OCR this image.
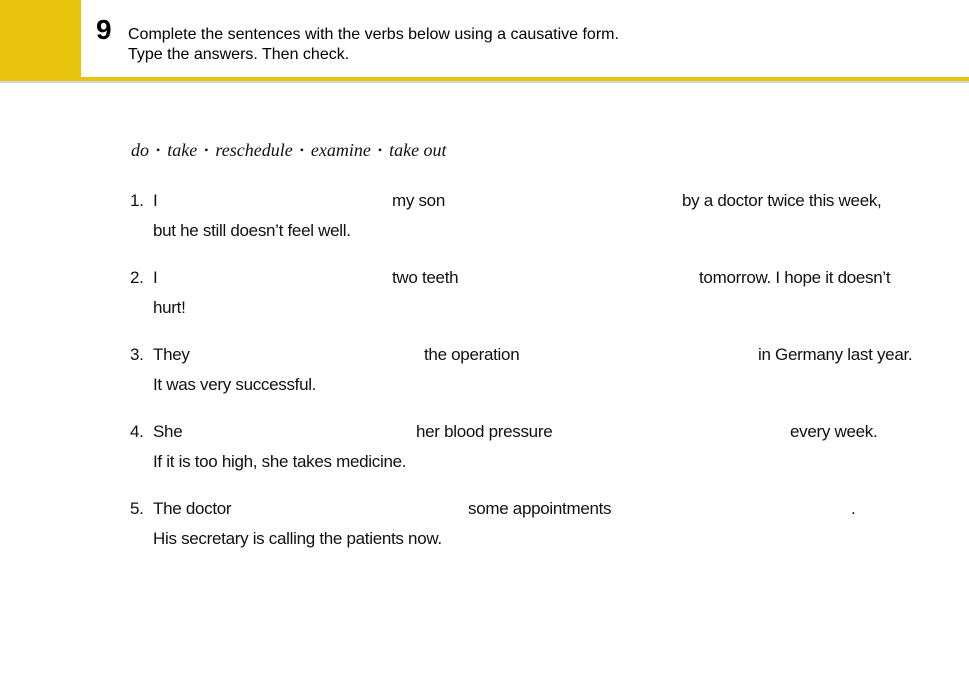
9 Complete the sentences with the verbs below using a causative form.
Type the answers. Then check.
do • take • reschedule • examine • take out
1. I	my son	by a doctor twice this week,
but he still doesn’t feel well.
2. I	two teeth	tomorrow. I hope it doesn’t
hurt!
3. They	the operation	in Germany last year.
It was very successful.
4. She	her blood pressure	every week.
If it is too high, she takes medicine.
5. The doctor	some appointments	.
His secretary is calling the patients now.
